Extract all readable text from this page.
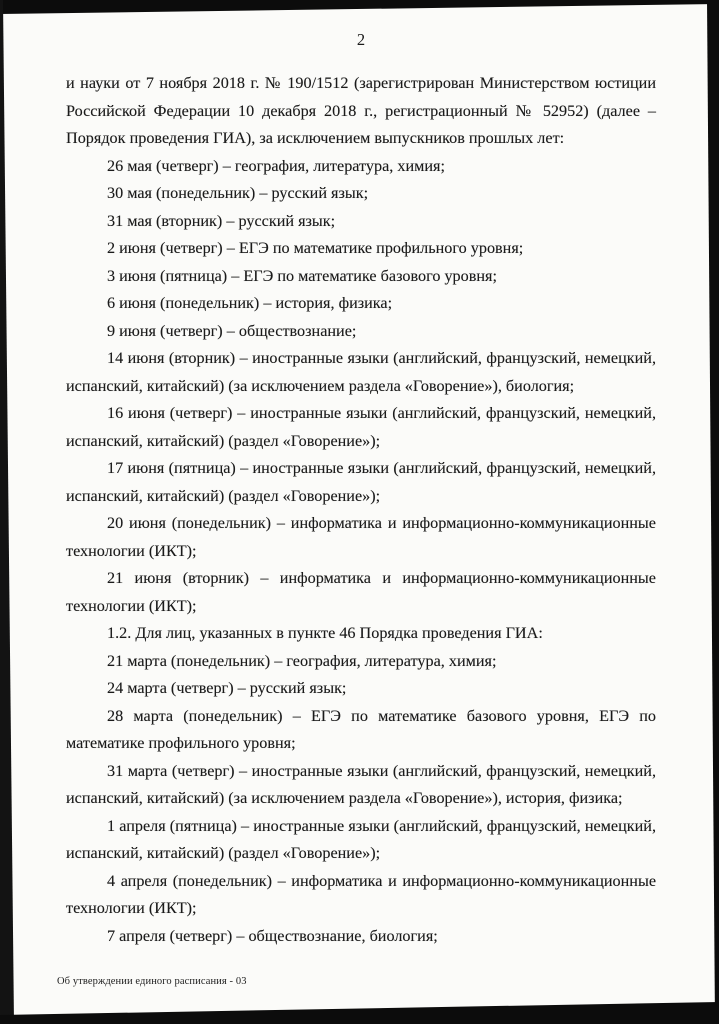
2

и науки от 7 ноября 2018 г. № 190/1512 (зарегистрирован Министерством юстиции Российской Федерации 10 декабря 2018 г., регистрационный № 52952) (далее – Порядок проведения ГИА), за исключением выпускников прошлых лет:

26 мая (четверг) – география, литература, химия;

30 мая (понедельник) – русский язык;

31 мая (вторник) – русский язык;

2 июня (четверг) – ЕГЭ по математике профильного уровня;

3 июня (пятница) – ЕГЭ по математике базового уровня;

6 июня (понедельник) – история, физика;

9 июня (четверг) – обществознание;

14 июня (вторник) – иностранные языки (английский, французский, немецкий, испанский, китайский) (за исключением раздела «Говорение»), биология;

16 июня (четверг) – иностранные языки (английский, французский, немецкий, испанский, китайский) (раздел «Говорение»);

17 июня (пятница) – иностранные языки (английский, французский, немецкий, испанский, китайский) (раздел «Говорение»);

20 июня (понедельник) – информатика и информационно-коммуникационные технологии (ИКТ);

21 июня (вторник) – информатика и информационно-коммуникационные технологии (ИКТ);

1.2. Для лиц, указанных в пункте 46 Порядка проведения ГИА:

21 марта (понедельник) – география, литература, химия;

24 марта (четверг) – русский язык;

28 марта (понедельник) – ЕГЭ по математике базового уровня, ЕГЭ по математике профильного уровня;

31 марта (четверг) – иностранные языки (английский, французский, немецкий, испанский, китайский) (за исключением раздела «Говорение»), история, физика;

1 апреля (пятница) – иностранные языки (английский, французский, немецкий, испанский, китайский) (раздел «Говорение»);

4 апреля (понедельник) – информатика и информационно-коммуникационные технологии (ИКТ);

7 апреля (четверг) – обществознание, биология;

Об утверждении единого расписания - 03
